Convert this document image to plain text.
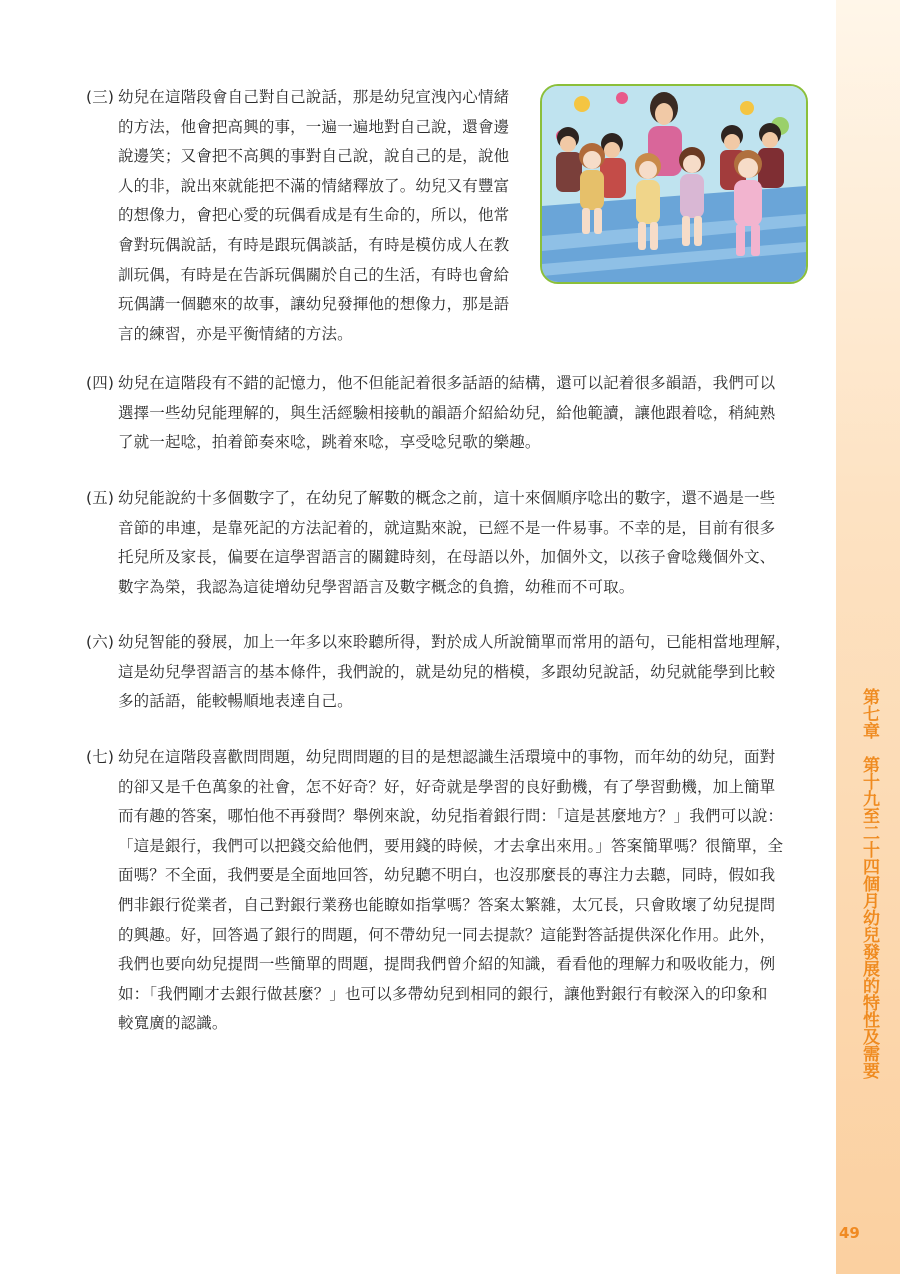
第七章　第十九至二十四個月幼兒發展的特性及需要
49
(三) 幼兒在這階段會自己對自己說話，那是幼兒宣洩內心情緒
的方法，他會把高興的事，一遍一遍地對自己說，還會邊
說邊笑；又會把不高興的事對自己說，說自己的是，說他
人的非，說出來就能把不滿的情緒釋放了。幼兒又有豐富
的想像力，會把心愛的玩偶看成是有生命的，所以，他常
會對玩偶說話，有時是跟玩偶談話，有時是模仿成人在教
訓玩偶，有時是在告訴玩偶關於自己的生活，有時也會給
玩偶講一個聽來的故事，讓幼兒發揮他的想像力，那是語
言的練習，亦是平衡情緒的方法。
(四) 幼兒在這階段有不錯的記憶力，他不但能記着很多話語的結構，還可以記着很多韻語，我們可以
選擇一些幼兒能理解的，與生活經驗相接軌的韻語介紹給幼兒，給他範讀，讓他跟着唸，稍純熟
了就一起唸，拍着節奏來唸，跳着來唸，享受唸兒歌的樂趣。
(五) 幼兒能說約十多個數字了，在幼兒了解數的概念之前，這十來個順序唸出的數字，還不過是一些
音節的串連，是靠死記的方法記着的，就這點來說，已經不是一件易事。不幸的是，目前有很多
托兒所及家長，偏要在這學習語言的關鍵時刻，在母語以外，加個外文，以孩子會唸幾個外文、
數字為榮，我認為這徒增幼兒學習語言及數字概念的負擔，幼稚而不可取。
(六) 幼兒智能的發展，加上一年多以來聆聽所得，對於成人所說簡單而常用的語句，已能相當地理解，
這是幼兒學習語言的基本條件，我們說的，就是幼兒的楷模，多跟幼兒說話，幼兒就能學到比較
多的話語，能較暢順地表達自己。
(七) 幼兒在這階段喜歡問問題，幼兒問問題的目的是想認識生活環境中的事物，而年幼的幼兒，面對
的卻又是千色萬象的社會，怎不好奇？好，好奇就是學習的良好動機，有了學習動機，加上簡單
而有趣的答案，哪怕他不再發問？舉例來說，幼兒指着銀行問：「這是甚麼地方？」我們可以說：
「這是銀行，我們可以把錢交給他們，要用錢的時候，才去拿出來用。」答案簡單嗎？很簡單，全
面嗎？不全面，我們要是全面地回答，幼兒聽不明白，也沒那麼長的專注力去聽，同時，假如我
們非銀行從業者，自己對銀行業務也能瞭如指掌嗎？答案太繁雜，太冗長，只會敗壞了幼兒提問
的興趣。好，回答過了銀行的問題，何不帶幼兒一同去提款？這能對答話提供深化作用。此外，
我們也要向幼兒提問一些簡單的問題，提問我們曾介紹的知識，看看他的理解力和吸收能力，例
如：「我們剛才去銀行做甚麼？」也可以多帶幼兒到相同的銀行，讓他對銀行有較深入的印象和
較寬廣的認識。
